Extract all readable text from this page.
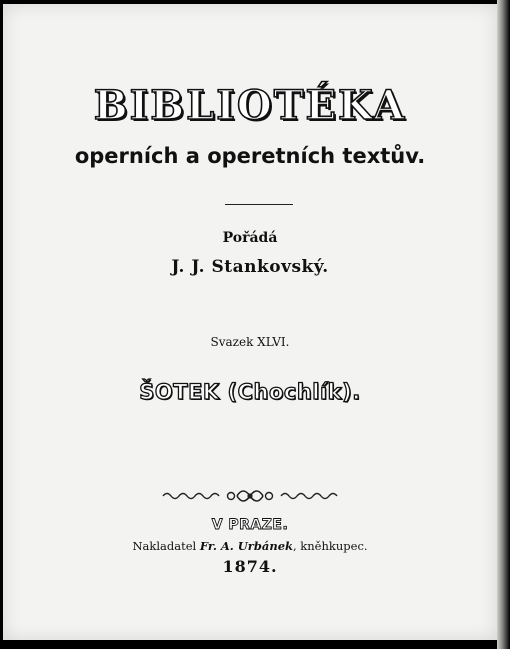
BIBLIOTÉKA
operních a operetních textův.
Pořádá
J. J. Stankovský.
Svazek XLVI.
ŠOTEK (Chochlík).
V PRAZE.
Nakladatel Fr. A. Urbánek, kněhkupec.
1874.
